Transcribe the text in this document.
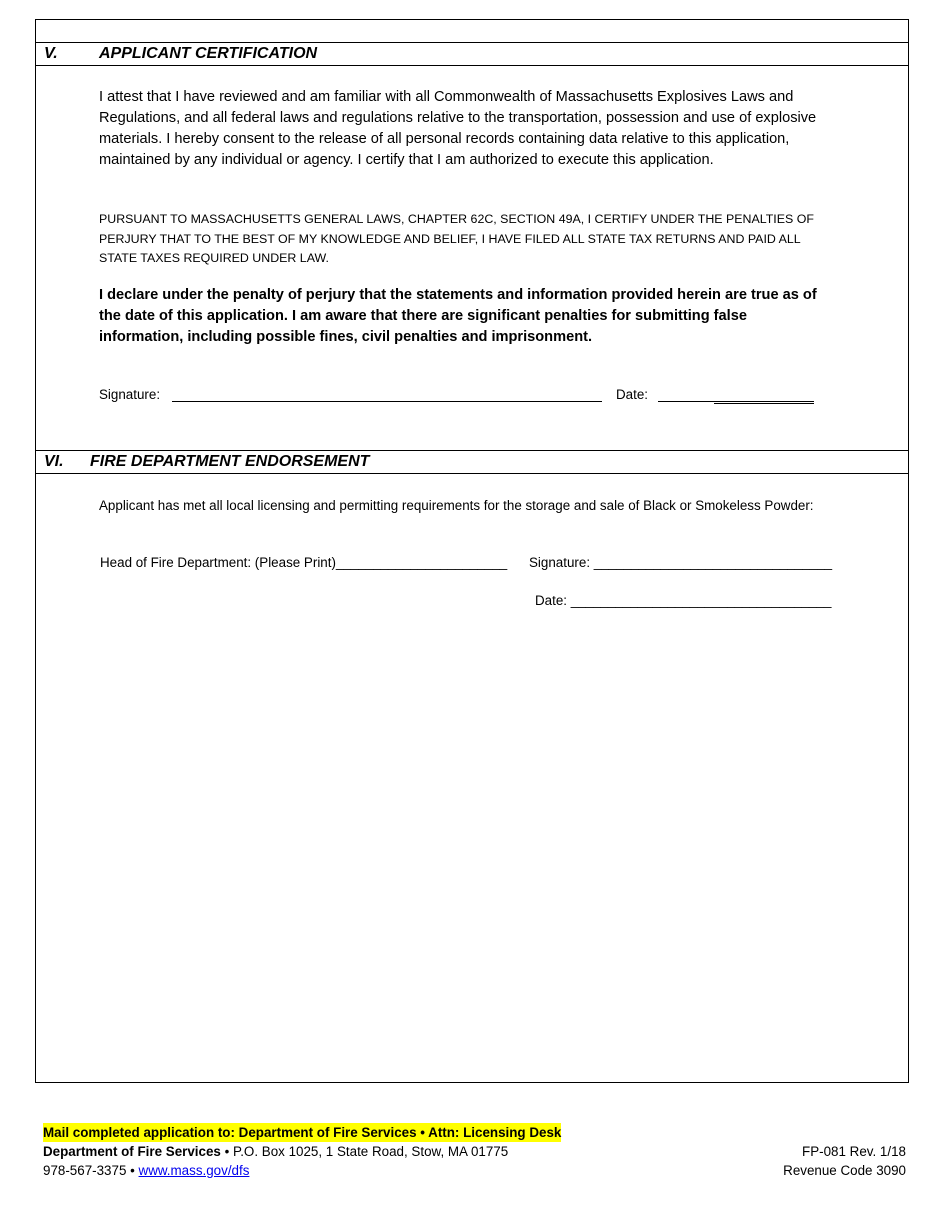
V.	APPLICANT CERTIFICATION

I attest that I have reviewed and am familiar with all Commonwealth of Massachusetts Explosives Laws and Regulations, and all federal laws and regulations relative to the transportation, possession and use of explosive materials. I hereby consent to the release of all personal records containing data relative to this application, maintained by any individual or agency. I certify that I am authorized to execute this application.

PURSUANT TO MASSACHUSETTS GENERAL LAWS, CHAPTER 62C, SECTION 49A, I CERTIFY UNDER THE PENALTIES OF PERJURY THAT TO THE BEST OF MY KNOWLEDGE AND BELIEF, I HAVE FILED ALL STATE TAX RETURNS AND PAID ALL STATE TAXES REQUIRED UNDER LAW.

I declare under the penalty of perjury that the statements and information provided herein are true as of the date of this application. I am aware that there are significant penalties for submitting false information, including possible fines, civil penalties and imprisonment.

Signature:	Date:
VI. FIRE DEPARTMENT ENDORSEMENT
Applicant has met all local licensing and permitting requirements for the storage and sale of Black or Smokeless Powder:
Head of Fire Department: (Please Print)_______________________ Signature: ________________________________
Date: ___________________________________
Mail completed application to: Department of Fire Services • Attn: Licensing Desk
Department of Fire Services • P.O. Box 1025, 1 State Road, Stow, MA 01775
978-567-3375 • www.mass.gov/dfs
FP-081 Rev. 1/18
Revenue Code 3090
